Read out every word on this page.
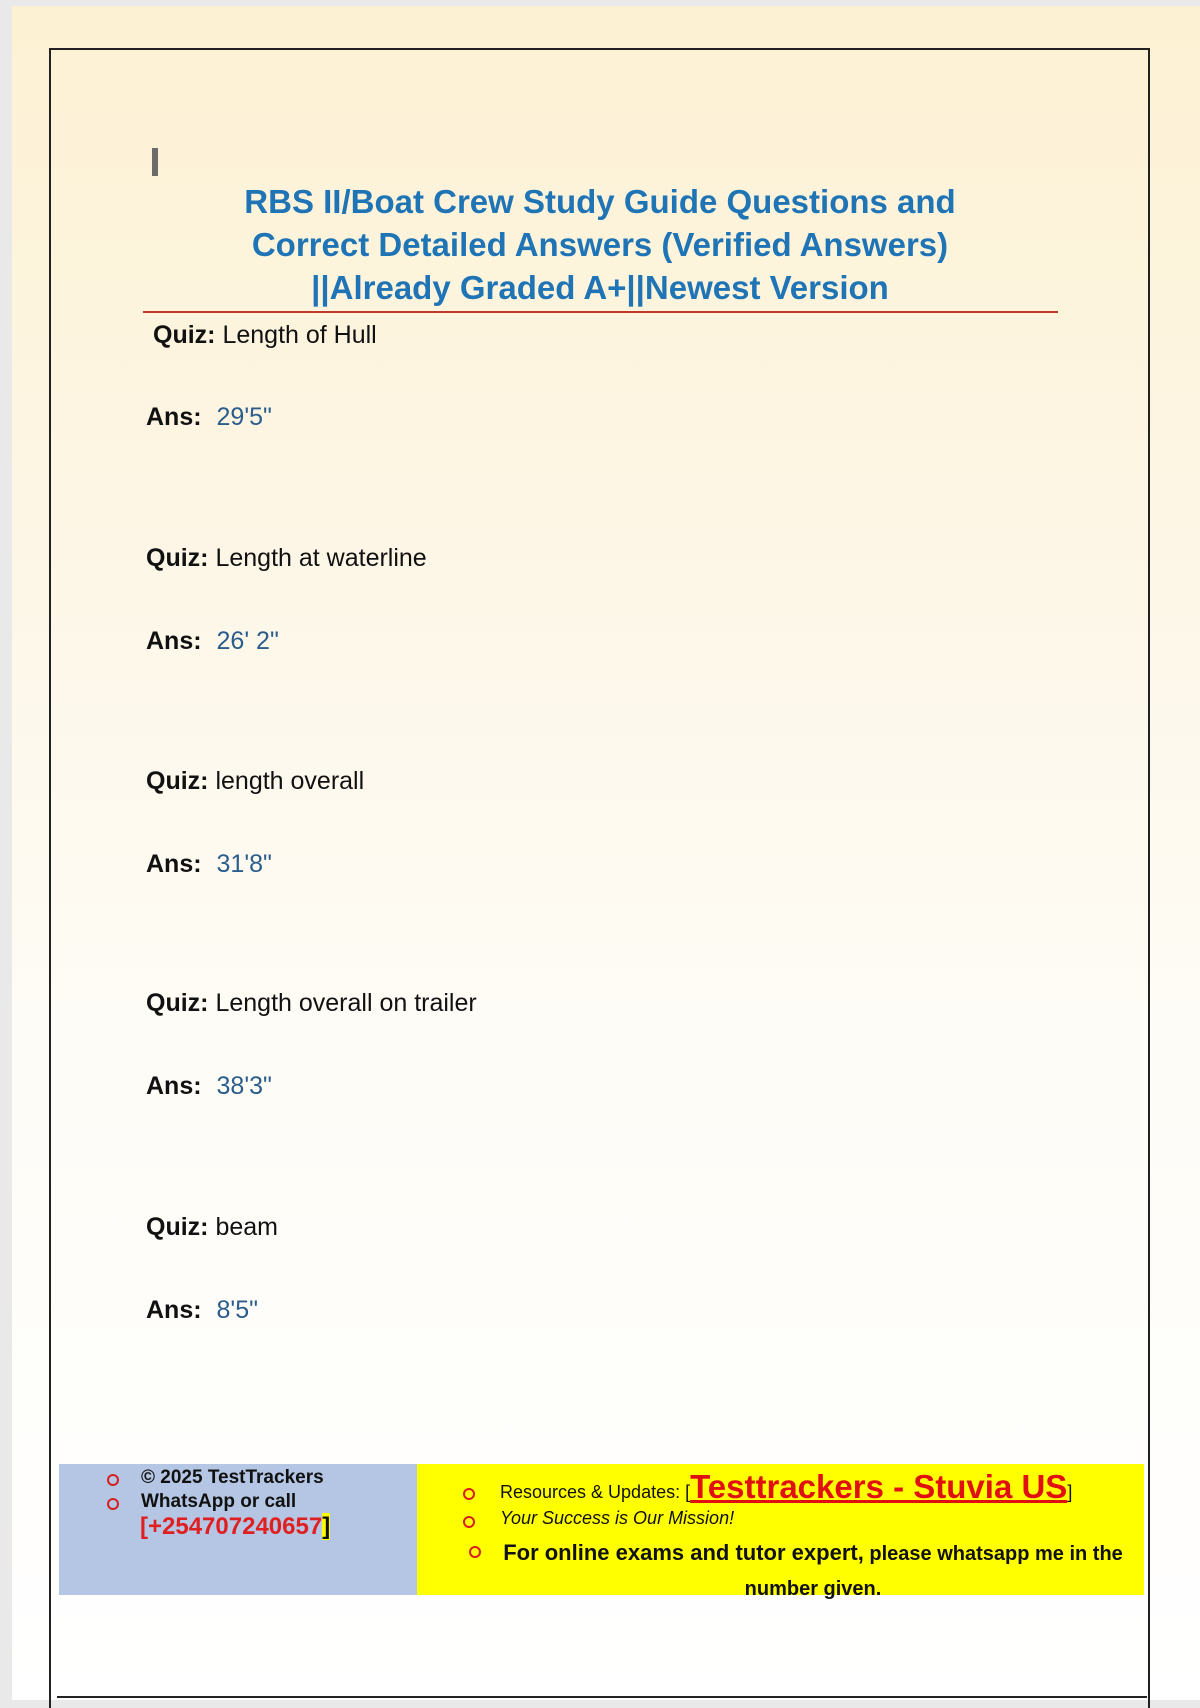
RBS II/Boat Crew Study Guide Questions and
Correct Detailed Answers (Verified Answers)
||Already Graded A+||Newest Version
Quiz: Length of Hull
Ans: 29'5"
Quiz: Length at waterline
Ans: 26' 2"
Quiz: length overall
Ans: 31'8"
Quiz: Length overall on trailer
Ans: 38'3"
Quiz: beam
Ans: 8'5"
© 2025 TestTrackers
WhatsApp or call
[+254707240657]
Resources & Updates: [Testtrackers - Stuvia US]
Your Success is Our Mission!
For online exams and tutor expert, please whatsapp me in the number given.
